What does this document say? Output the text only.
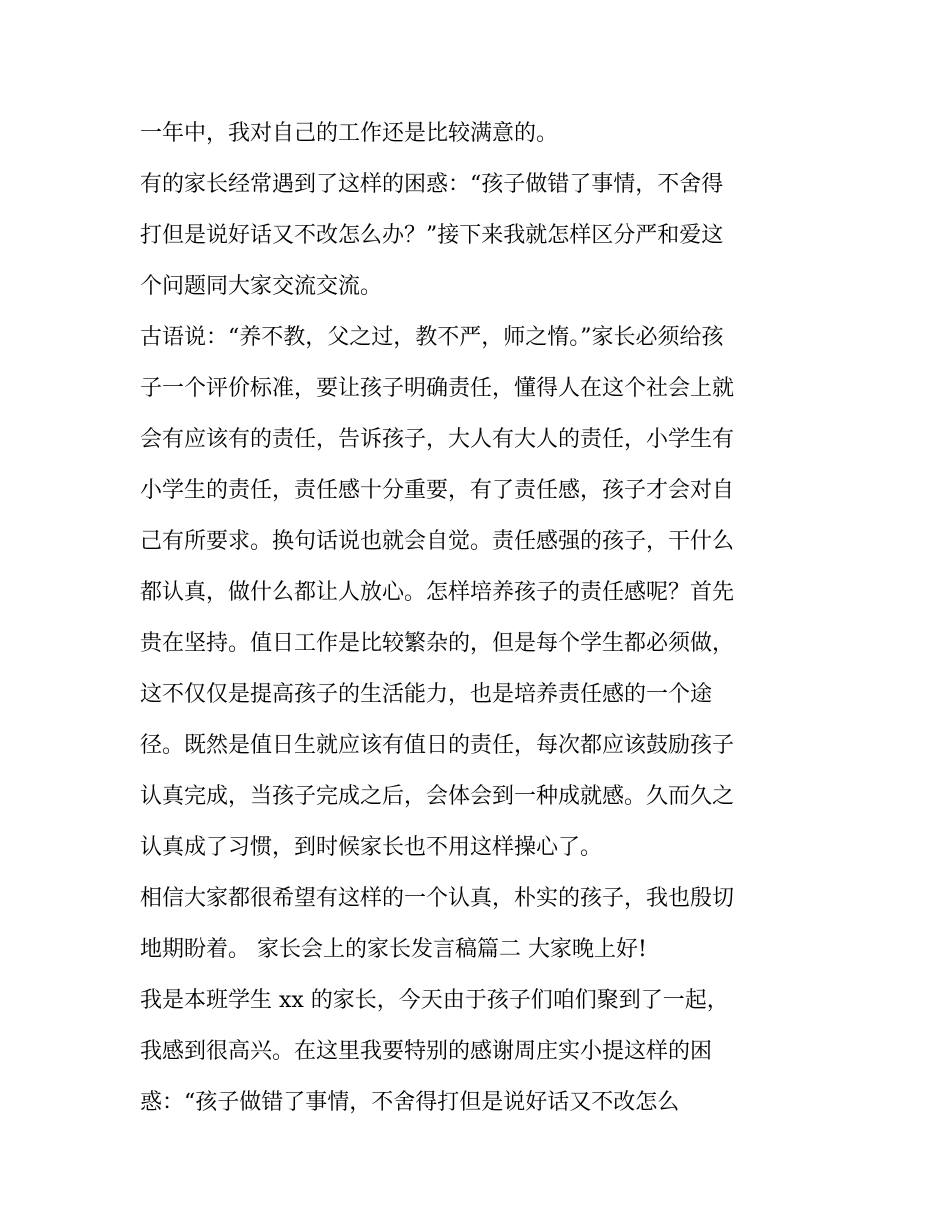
一年中，我对自己的工作还是比较满意的。
有的家长经常遇到了这样的困惑：“孩子做错了事情，不舍得
打但是说好话又不改怎么办？”接下来我就怎样区分严和爱这
个问题同大家交流交流。
古语说：“养不教，父之过，教不严，师之惰。”家长必须给孩
子一个评价标准，要让孩子明确责任，懂得人在这个社会上就
会有应该有的责任，告诉孩子，大人有大人的责任，小学生有
小学生的责任，责任感十分重要，有了责任感，孩子才会对自
己有所要求。换句话说也就会自觉。责任感强的孩子，干什么
都认真，做什么都让人放心。怎样培养孩子的责任感呢？首先
贵在坚持。值日工作是比较繁杂的，但是每个学生都必须做，
这不仅仅是提高孩子的生活能力，也是培养责任感的一个途
径。既然是值日生就应该有值日的责任，每次都应该鼓励孩子
认真完成，当孩子完成之后，会体会到一种成就感。久而久之
认真成了习惯，到时候家长也不用这样操心了。
相信大家都很希望有这样的一个认真，朴实的孩子，我也殷切
地期盼着。 家长会上的家长发言稿篇二 大家晚上好!
我是本班学生 xx 的家长，今天由于孩子们咱们聚到了一起，
我感到很高兴。在这里我要特别的感谢周庄实小提这样的困
惑：“孩子做错了事情，不舍得打但是说好话又不改怎么
